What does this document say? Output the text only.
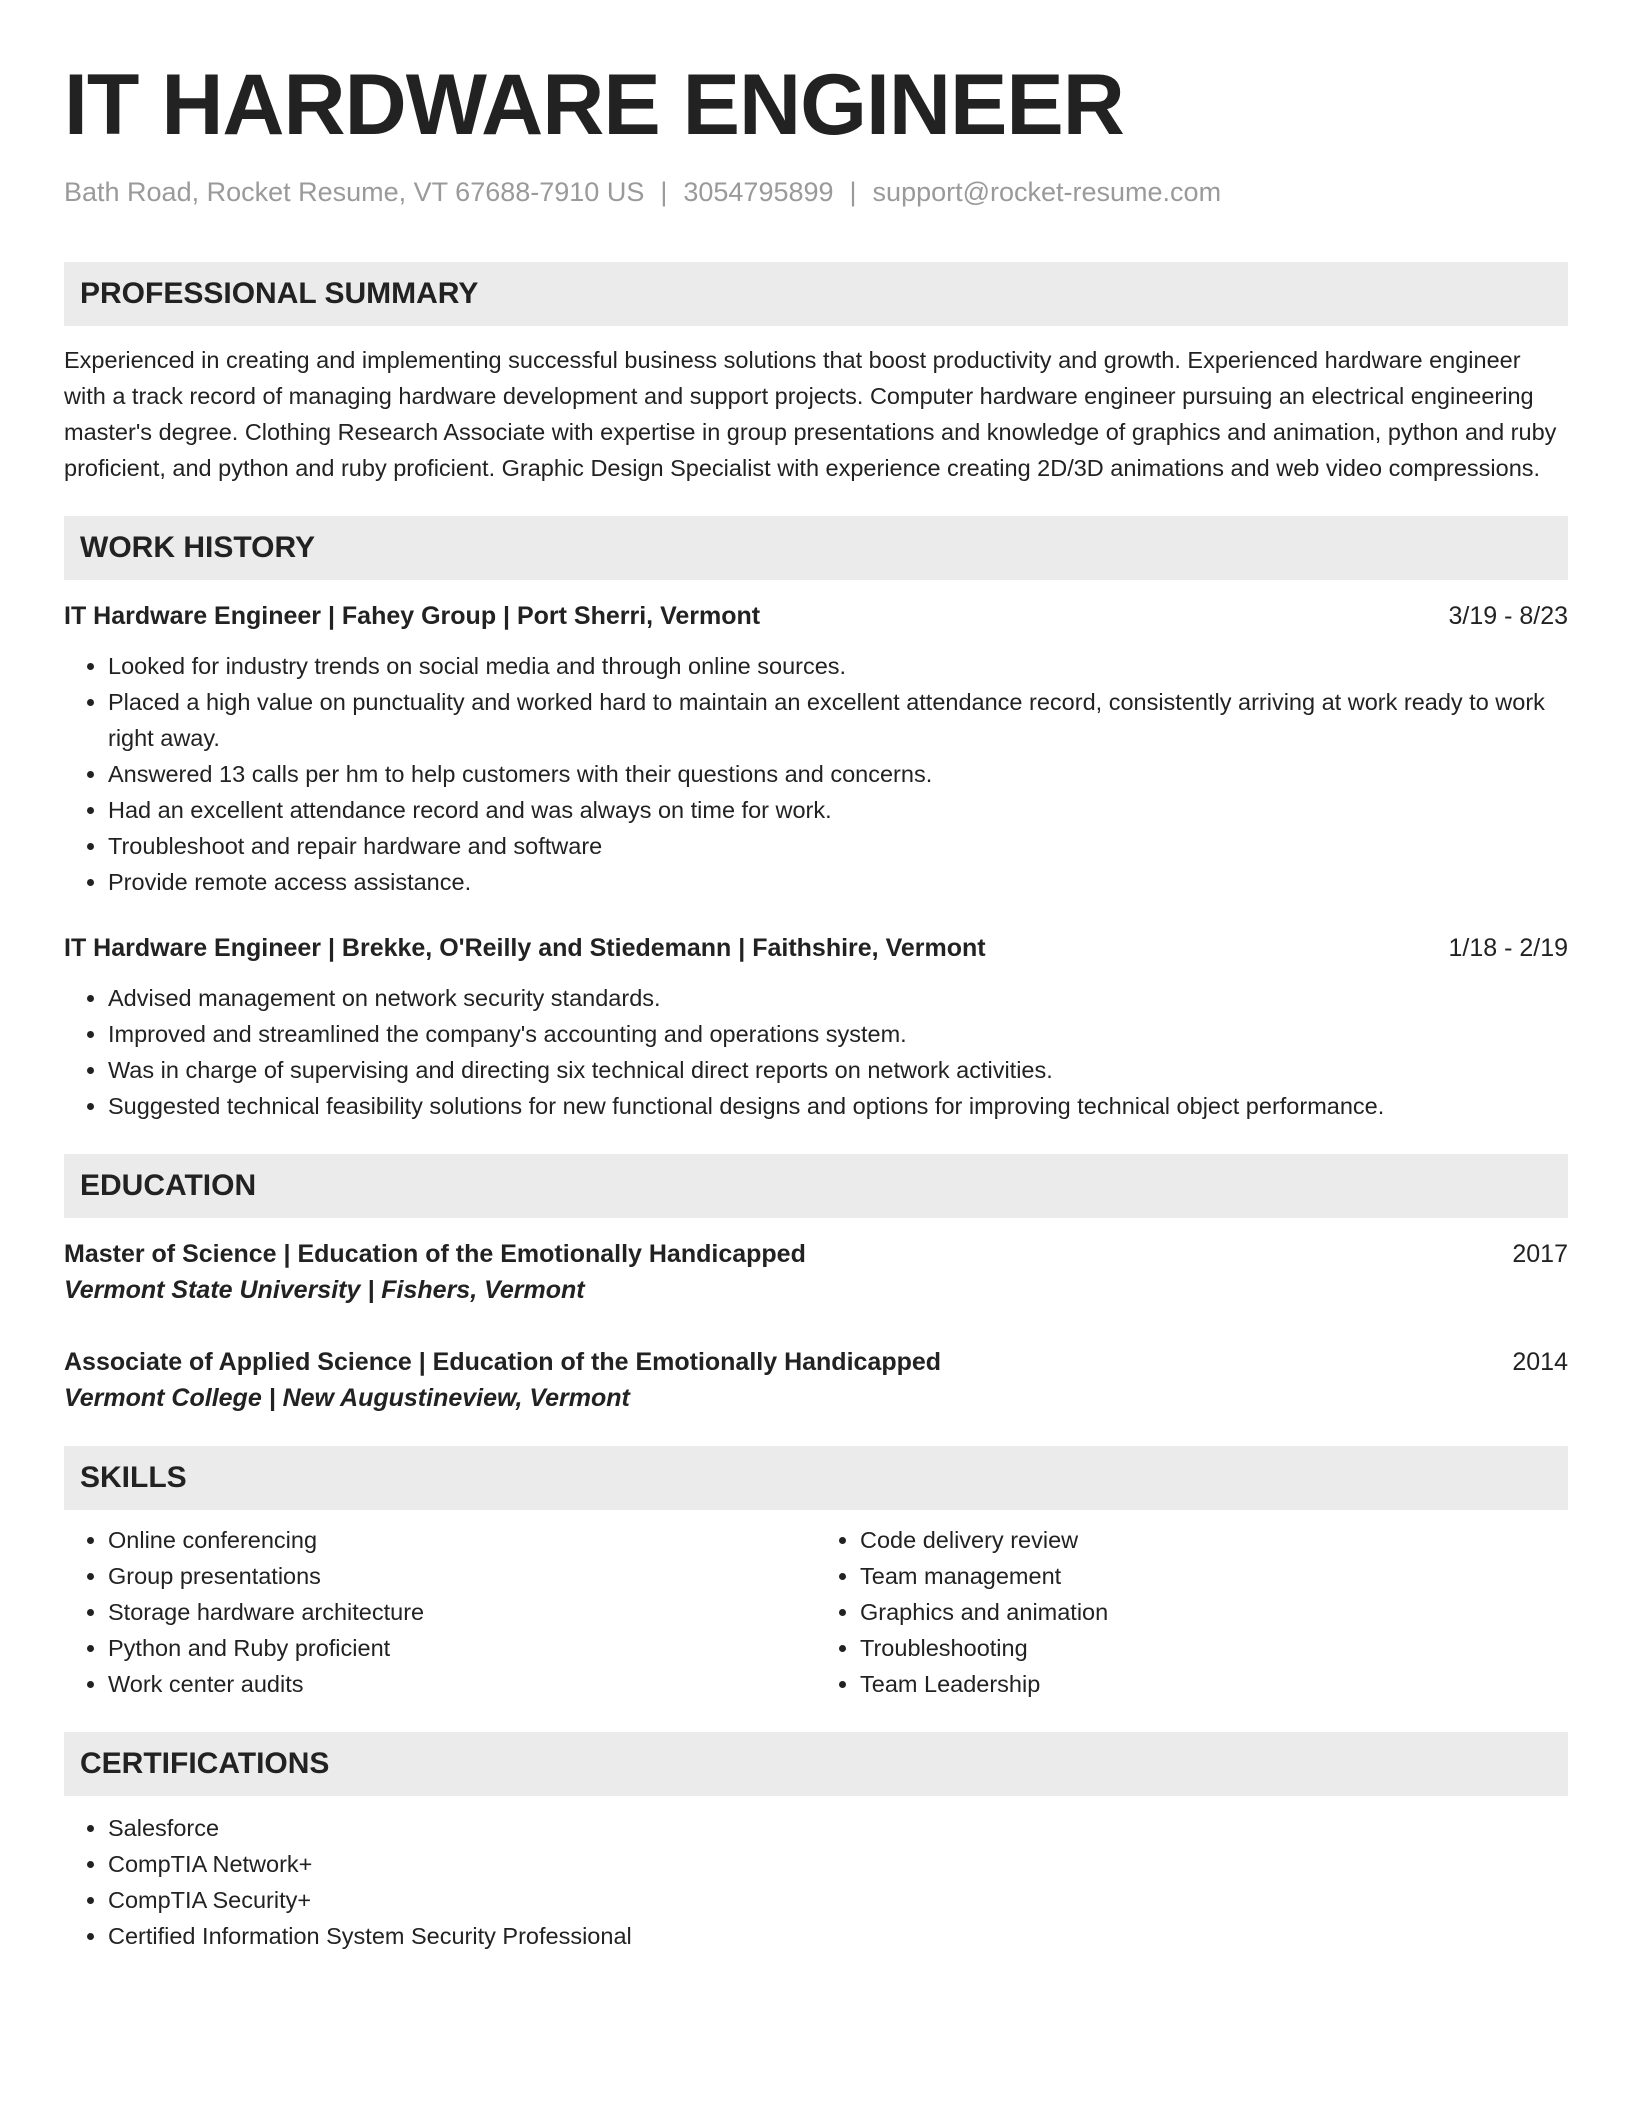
IT HARDWARE ENGINEER
Bath Road, Rocket Resume, VT 67688-7910 US | 3054795899 | support@rocket-resume.com
PROFESSIONAL SUMMARY
Experienced in creating and implementing successful business solutions that boost productivity and growth. Experienced hardware engineer with a track record of managing hardware development and support projects. Computer hardware engineer pursuing an electrical engineering master's degree. Clothing Research Associate with expertise in group presentations and knowledge of graphics and animation, python and ruby proficient, and python and ruby proficient. Graphic Design Specialist with experience creating 2D/3D animations and web video compressions.
WORK HISTORY
IT Hardware Engineer | Fahey Group | Port Sherri, Vermont	3/19 - 8/23
• Looked for industry trends on social media and through online sources.
• Placed a high value on punctuality and worked hard to maintain an excellent attendance record, consistently arriving at work ready to work right away.
• Answered 13 calls per hm to help customers with their questions and concerns.
• Had an excellent attendance record and was always on time for work.
• Troubleshoot and repair hardware and software
• Provide remote access assistance.
IT Hardware Engineer | Brekke, O'Reilly and Stiedemann | Faithshire, Vermont	1/18 - 2/19
• Advised management on network security standards.
• Improved and streamlined the company's accounting and operations system.
• Was in charge of supervising and directing six technical direct reports on network activities.
• Suggested technical feasibility solutions for new functional designs and options for improving technical object performance.
EDUCATION
Master of Science | Education of the Emotionally Handicapped	2017
Vermont State University | Fishers, Vermont
Associate of Applied Science | Education of the Emotionally Handicapped	2014
Vermont College | New Augustineview, Vermont
SKILLS
• Online conferencing
• Group presentations
• Storage hardware architecture
• Python and Ruby proficient
• Work center audits
• Code delivery review
• Team management
• Graphics and animation
• Troubleshooting
• Team Leadership
CERTIFICATIONS
• Salesforce
• CompTIA Network+
• CompTIA Security+
• Certified Information System Security Professional
